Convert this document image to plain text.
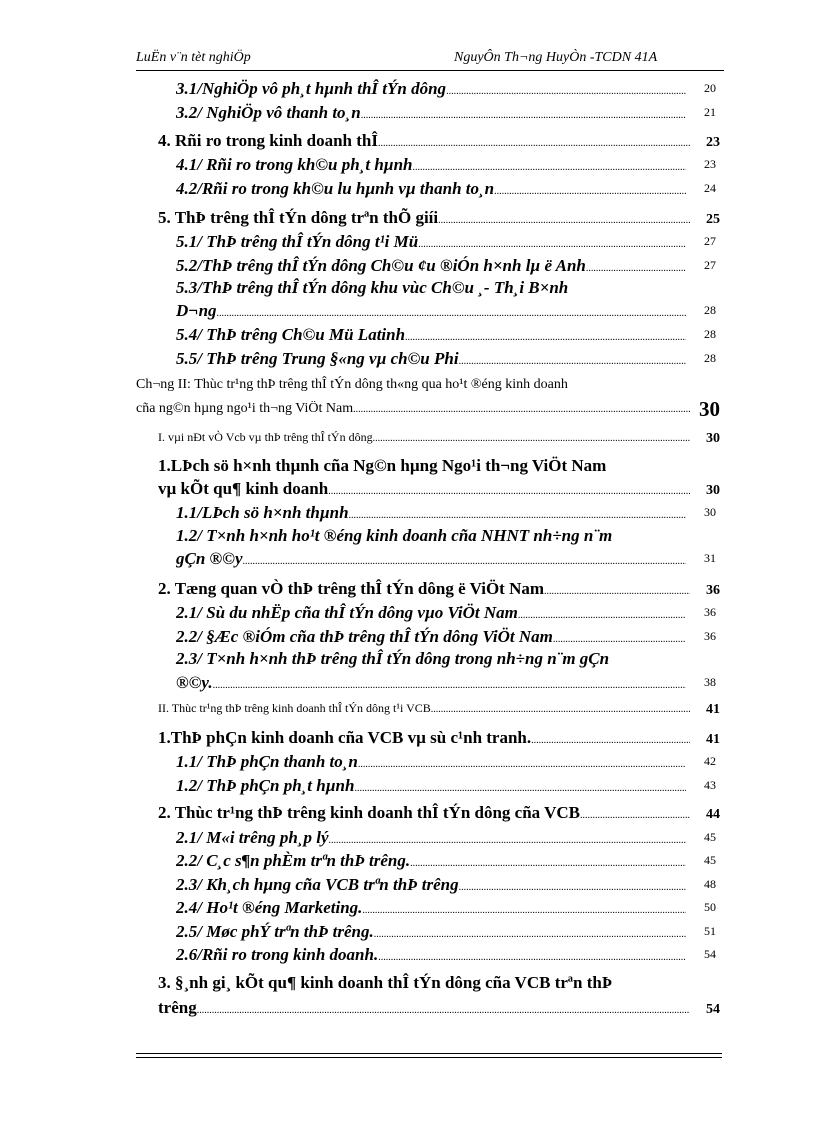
LuËn v¨n tèt nghiÖp	NguyÔn Th¬ng HuyÒn -TCDN 41A
3.1/NghiÖp vô ph¸t hµnh thÎ tÝn dông .....	20
3.2/ NghiÖp vô thanh to¸n .....	21
4. Rñi ro trong kinh doanh thÎ .....	23
4.1/ Rñi ro trong kh©u ph¸t hµnh .....	23
4.2/Rñi ro trong kh©u lu hµnh vµ thanh to¸n .....	24
5. ThÞ trêng thÎ tÝn dông trªn thÕ giíi .....	25
5.1/ ThÞ trêng thÎ tÝn dông t¹i Mü .....	27
5.2/ThÞ trêng thÎ tÝn dông Ch©u ¢u ®iÓn h×nh lµ ë Anh .....	27
5.3/ThÞ trêng thÎ tÝn dông khu vùc Ch©u ¸- Th¸i B×nh
D¬ng .....	28
5.4/ ThÞ trêng Ch©u Mü Latinh .....	28
5.5/ ThÞ trêng Trung §«ng vµ ch©u Phi .....	28
Ch¬ng II: Thùc tr¹ng thÞ trêng thÎ tÝn dông th«ng qua ho¹t ®éng kinh doanh
cña ng©n hµng ngo¹i th¬ng ViÖt Nam .....	30
I. vµi nÐt vÒ Vcb vµ thÞ trêng thÎ tÝn dông .....	30
1.LÞch sö h×nh thµnh cña Ng©n hµng Ngo¹i th¬ng ViÖt Nam
vµ kÕt qu¶ kinh doanh .....	30
1.1/LÞch sö h×nh thµnh .....	30
1.2/ T×nh h×nh ho¹t ®éng kinh doanh cña NHNT nh÷ng n¨m
gÇn ®©y .....	31
2. Tæng quan vÒ thÞ trêng thÎ tÝn dông ë ViÖt Nam .....	36
2.1/ Sù du nhËp cña thÎ tÝn dông vµo ViÖt Nam .....	36
2.2/ §Æc ®iÓm cña thÞ trêng thÎ tÝn dông ViÖt Nam .....	36
2.3/ T×nh h×nh thÞ trêng thÎ tÝn dông trong nh÷ng n¨m gÇn
®©y. .....	38
II. Thùc tr¹ng thÞ trêng kinh doanh thÎ tÝn dông t¹i VCB .....	41
1.ThÞ phÇn kinh doanh cña VCB vµ sù c¹nh tranh. .....	41
1.1/ ThÞ phÇn thanh to¸n .....	42
1.2/ ThÞ phÇn ph¸t hµnh .....	43
2. Thùc tr¹ng thÞ trêng kinh doanh thÎ tÝn dông cña VCB .....	44
2.1/ M«i trêng ph¸p lý .....	45
2.2/ C¸c s¶n phÈm trªn thÞ trêng. .....	45
2.3/ Kh¸ch hµng cña VCB trªn thÞ trêng .....	48
2.4/ Ho¹t ®éng Marketing. .....	50
2.5/ Møc phÝ trªn thÞ trêng. .....	51
2.6/Rñi ro trong kinh doanh. .....	54
3. §¸nh gi¸ kÕt qu¶ kinh doanh thÎ tÝn dông cña VCB trªn thÞ
trêng .....	54
